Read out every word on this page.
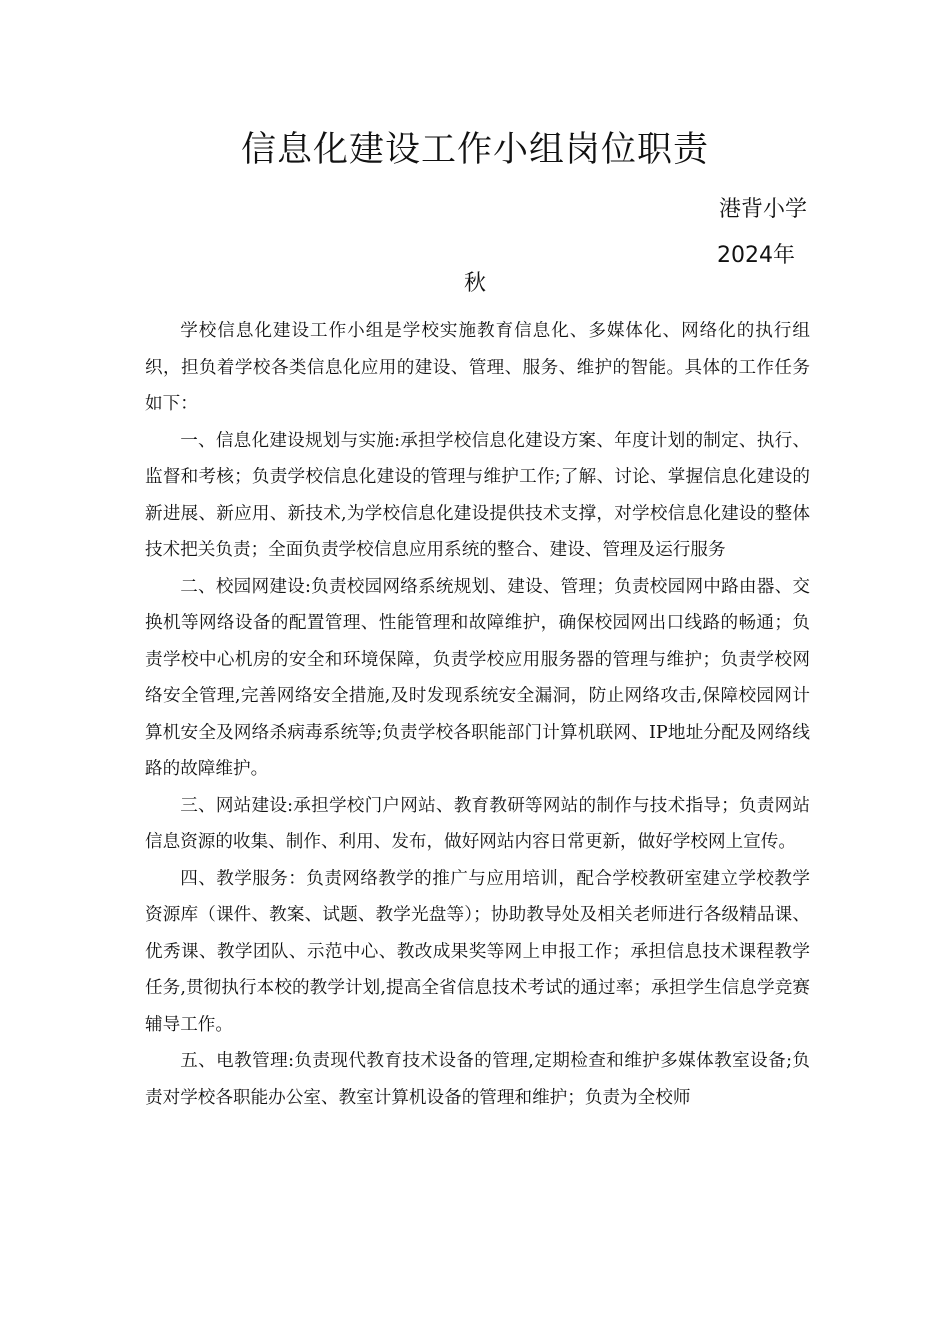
信息化建设工作小组岗位职责
港背小学
2024年
秋

学校信息化建设工作小组是学校实施教育信息化、多媒体化、网络化的执行组织，担负着学校各类信息化应用的建设、管理、服务、维护的智能。具体的工作任务如下：

一、信息化建设规划与实施:承担学校信息化建设方案、年度计划的制定、执行、监督和考核；负责学校信息化建设的管理与维护工作;了解、讨论、掌握信息化建设的新进展、新应用、新技术,为学校信息化建设提供技术支撑，对学校信息化建设的整体技术把关负责；全面负责学校信息应用系统的整合、建设、管理及运行服务

二、校园网建设:负责校园网络系统规划、建设、管理；负责校园网中路由器、交换机等网络设备的配置管理、性能管理和故障维护，确保校园网出口线路的畅通；负责学校中心机房的安全和环境保障，负责学校应用服务器的管理与维护；负责学校网络安全管理,完善网络安全措施,及时发现系统安全漏洞，防止网络攻击,保障校园网计算机安全及网络杀病毒系统等;负责学校各职能部门计算机联网、IP地址分配及网络线路的故障维护。

三、网站建设:承担学校门户网站、教育教研等网站的制作与技术指导；负责网站信息资源的收集、制作、利用、发布，做好网站内容日常更新，做好学校网上宣传。

四、教学服务：负责网络教学的推广与应用培训，配合学校教研室建立学校教学资源库（课件、教案、试题、教学光盘等）；协助教导处及相关老师进行各级精品课、优秀课、教学团队、示范中心、教改成果奖等网上申报工作；承担信息技术课程教学任务,贯彻执行本校的教学计划,提高全省信息技术考试的通过率；承担学生信息学竞赛辅导工作。

五、电教管理:负责现代教育技术设备的管理,定期检查和维护多媒体教室设备;负责对学校各职能办公室、教室计算机设备的管理和维护；负责为全校师
